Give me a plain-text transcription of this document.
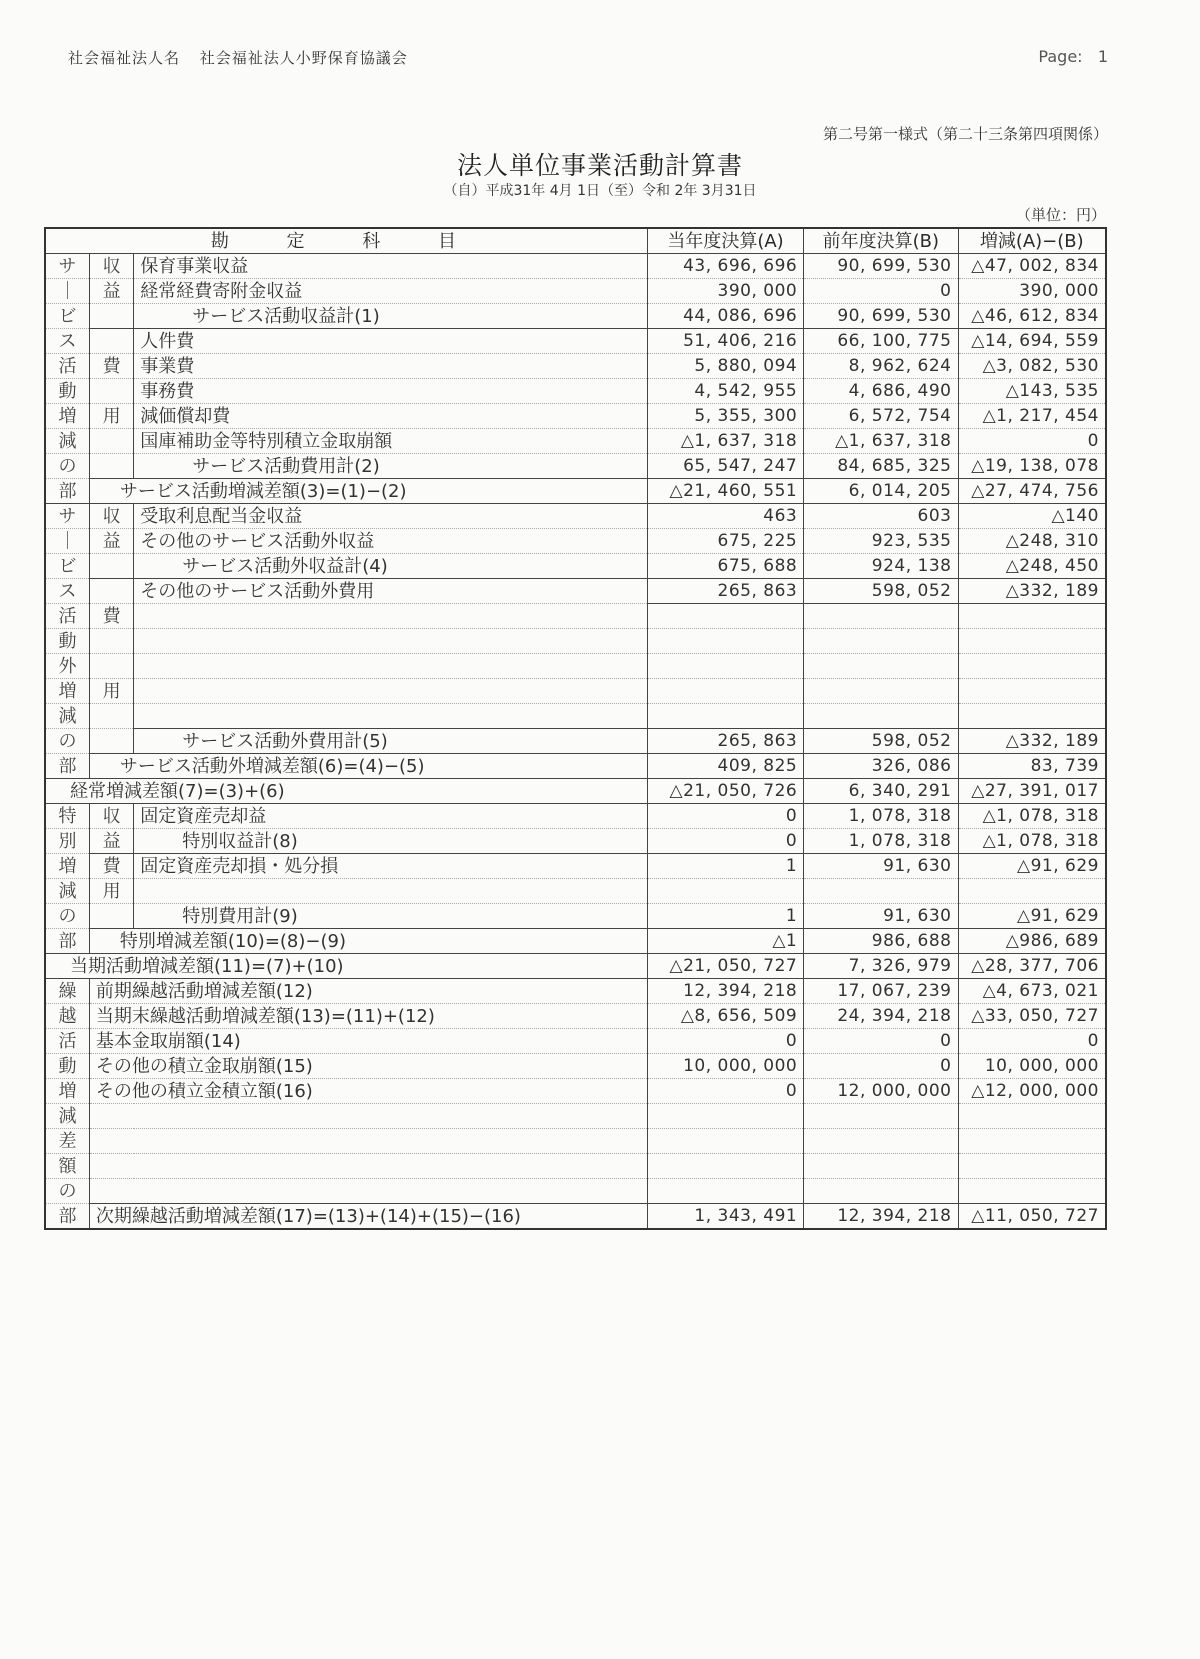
社会福祉法人名 社会福祉法人小野保育協議会	Page: 1
第二号第一様式（第二十三条第四項関係）
法人単位事業活動計算書
（自）平成31年 4月 1日（至）令和 2年 3月31日
（単位：円）
勘 定 科 目			当年度決算(A)	前年度決算(B)	増減(A)−(B)
サ	収	保育事業収益	43, 696, 696	90, 699, 530	△47, 002, 834
｜	益	経常経費寄附金収益	390, 000	0	390, 000
ビ		サービス活動収益計(1)	44, 086, 696	90, 699, 530	△46, 612, 834
ス		人件費	51, 406, 216	66, 100, 775	△14, 694, 559
活	費	事業費	5, 880, 094	8, 962, 624	△3, 082, 530
動		事務費	4, 542, 955	4, 686, 490	△143, 535
増	用	減価償却費	5, 355, 300	6, 572, 754	△1, 217, 454
減		国庫補助金等特別積立金取崩額	△1, 637, 318	△1, 637, 318	0
の		サービス活動費用計(2)	65, 547, 247	84, 685, 325	△19, 138, 078
部	サービス活動増減差額(3)=(1)−(2)		△21, 460, 551	6, 014, 205	△27, 474, 756
サ	収	受取利息配当金収益	463	603	△140
｜	益	その他のサービス活動外収益	675, 225	923, 535	△248, 310
ビ		サービス活動外収益計(4)	675, 688	924, 138	△248, 450
ス		その他のサービス活動外費用	265, 863	598, 052	△332, 189
活	費				
動					
外					
増	用				
減					
の		サービス活動外費用計(5)	265, 863	598, 052	△332, 189
部	サービス活動外増減差額(6)=(4)−(5)		409, 825	326, 086	83, 739
経常増減差額(7)=(3)+(6)			△21, 050, 726	6, 340, 291	△27, 391, 017
特	収	固定資産売却益	0	1, 078, 318	△1, 078, 318
別	益	特別収益計(8)	0	1, 078, 318	△1, 078, 318
増	費	固定資産売却損・処分損	1	91, 630	△91, 629
減	用				
の		特別費用計(9)	1	91, 630	△91, 629
部	特別増減差額(10)=(8)−(9)		△1	986, 688	△986, 689
当期活動増減差額(11)=(7)+(10)			△21, 050, 727	7, 326, 979	△28, 377, 706
繰	前期繰越活動増減差額(12)		12, 394, 218	17, 067, 239	△4, 673, 021
越	当期末繰越活動増減差額(13)=(11)+(12)		△8, 656, 509	24, 394, 218	△33, 050, 727
活	基本金取崩額(14)		0	0	0
動	その他の積立金取崩額(15)		10, 000, 000	0	10, 000, 000
増	その他の積立金積立額(16)		0	12, 000, 000	△12, 000, 000
減					
差					
額					
の					
部	次期繰越活動増減差額(17)=(13)+(14)+(15)−(16)		1, 343, 491	12, 394, 218	△11, 050, 727
